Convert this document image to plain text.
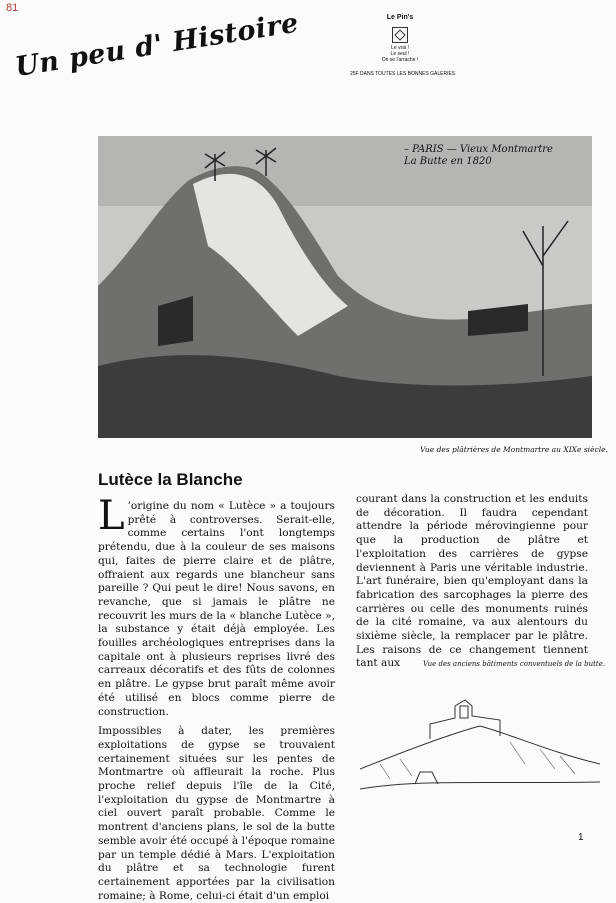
81
Un peu d' Histoire	Le Pin's
Le vrai !
Le seul !
On se l'arrache !
25F DANS TOUTES LES BONNES GALERIES
– PARIS — Vieux Montmartre
La Butte en 1820
Vue des plâtrières de Montmartre au XIXe siècle.
Lutèce la Blanche

L ’origine du nom « Lutèce » a toujours prêté à controverses. Serait-elle, comme certains l'ont longtemps prétendu, due à la couleur de ses maisons qui, faites de pierre claire et de plâtre, offraient aux regards une blancheur sans pareille ? Qui peut le dire! Nous savons, en revanche, que si jamais le plâtre ne recouvrit les murs de la « blanche Lutèce », la substance y était déjà employée. Les fouilles archéologiques entreprises dans la capitale ont à plusieurs reprises livré des carreaux décoratifs et des fûts de colonnes en plâtre. Le gypse brut paraît même avoir été utilisé en blocs comme pierre de construction.

Impossibles à dater, les premières exploitations de gypse se trouvaient certainement situées sur les pentes de Montmartre où affleurait la roche. Plus proche relief depuis l'île de la Cité, l'exploitation du gypse de Montmartre à ciel ouvert paraît probable. Comme le montrent d'anciens plans, le sol de la butte semble avoir été occupé à l'époque romaine par un temple dédié à Mars. L'exploitation du plâtre et sa technologie furent certainement apportées par la civilisation romaine; à Rome, celui-ci était d'un emploi

courant dans la construction et les enduits de décoration. Il faudra cependant attendre la période mérovingienne pour que la production de plâtre et l'exploitation des carrières de gypse deviennent à Paris une véritable industrie. L'art funéraire, bien qu'employant dans la fabrication des sarcophages la pierre des carrières ou celle des monuments ruinés de la cité romaine, va aux alentours du sixième siècle, la remplacer par le plâtre. Les raisons de ce changement tiennent tant aux	Vue des anciens bâtiments conventuels de la butte.
1
